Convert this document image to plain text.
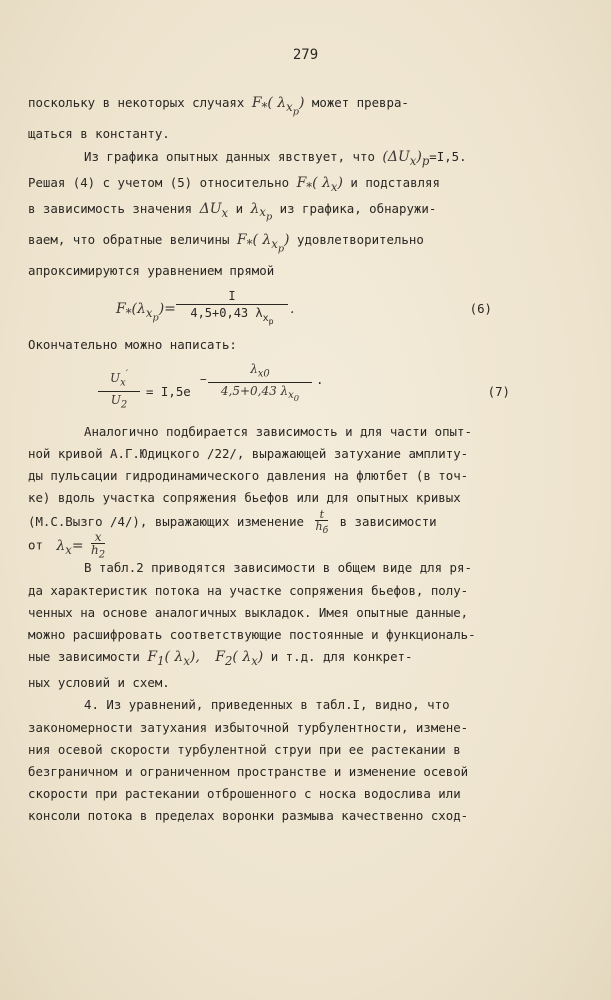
279

поскольку в некоторых случаях $F_*$( $\lambda_{x_p}$) может превра-

щаться в константу.

Из графика опытных данных явствует, что $(\Delta U_x)_p=I,5$.

Решая (4) с учетом (5) относительно $F_*$( $\lambda_x$) и подставляя

в зависимость значения $\Delta U_x$ и $\lambda_{x_p}$ из графика, обнаружи-

ваем, что обратные величины $F_*$( $\lambda_{x_p}$) удовлетворительно

апроксимируются уравнением прямой

$F_*(\lambda_{x_p})=$
I
4,5+0,43 $\lambda_{x_p}$
.	(6)

Окончательно можно написать:

$U_x'$
$U_2$
= I,5e
−
$\lambda_{x0}$
4,5+0,43 $\lambda_{x_0}$
.
(7)

Аналогично подбирается зависимость и для части опыт-

ной кривой А.Г.Юдицкого /22/, выражающей затухание амплиту-

ды пульсации гидродинамического давления на флютбет (в точ-

ке) вдоль участка сопряжения бьефов или для опытных кривых

(М.С.Вызго /4/), выражающих изменение	t
$h_б$
в зависимости

от $\lambda_x= \frac{x}{h_2}$

В табл.2 приводятся зависимости в общем виде для ря-

да характеристик потока на участке сопряжения бьефов, полу-

ченных на основе аналогичных выкладок. Имея опытные данные,

можно расшифровать соответствующие постоянные и функциональ-

ные зависимости $F_1$( $\lambda_x$), $F_2$( $\lambda_x$) и т.д. для конкрет-

ных условий и схем.

4. Из уравнений, приведенных в табл.I, видно, что

закономерности затухания избыточной турбулентности, измене-

ния осевой скорости турбулентной струи при ее растекании в

безграничном и ограниченном пространстве и изменение осевой

скорости при растекании отброшенного с носка водослива или

консоли потока в пределах воронки размыва качественно сход-
